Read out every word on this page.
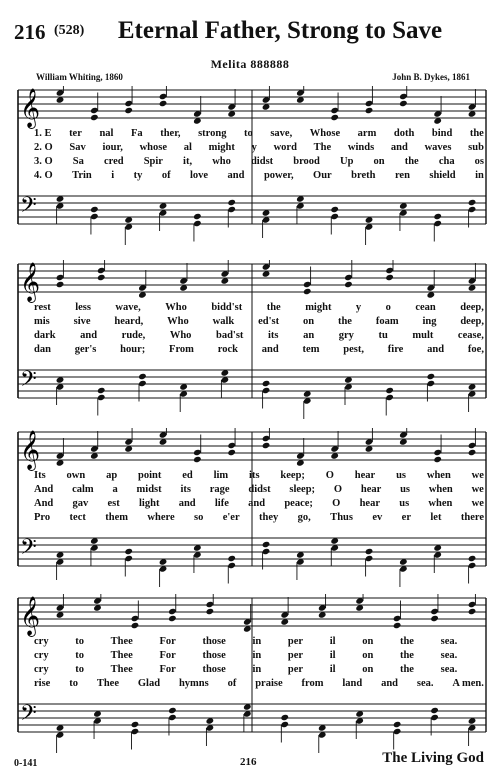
216 (528)	Eternal Father, Strong to Save
Melita 888888
William Whiting, 1860	John B. Dykes, 1861
𝄞
𝄢
1. E ter nal Fa ther, strong to save, Whose arm doth bind the
2. O Sav iour, whose al might y word The winds and waves sub
3. O Sa cred Spir it, who didst brood Up on the cha os
4. O Trin i ty of love and power, Our breth ren shield in
𝄞
𝄢
rest less wave, Who bidd'st the might y o cean deep,
mis sive heard, Who walk ed'st on the foam ing deep,
dark and rude, Who bad'st its an gry tu mult cease,
dan ger's hour; From rock and tem pest, fire and foe,
𝄞
𝄢
Its own ap point ed lim its keep; O hear us when we
And calm a midst its rage didst sleep; O hear us when we
And gav est light and life and peace; O hear us when we
Pro tect them where so e'er they go, Thus ev er let there
𝄞
𝄢
cry	to	Thee	For	those	in	per	il	on	the	sea.
cry	to	Thee	For	those	in	per	il	on	the	sea.
cry	to	Thee	For	those	in	per	il	on	the	sea.
rise to Thee Glad hymns of praise from land and sea. A men.
0-141	216	The Living God
